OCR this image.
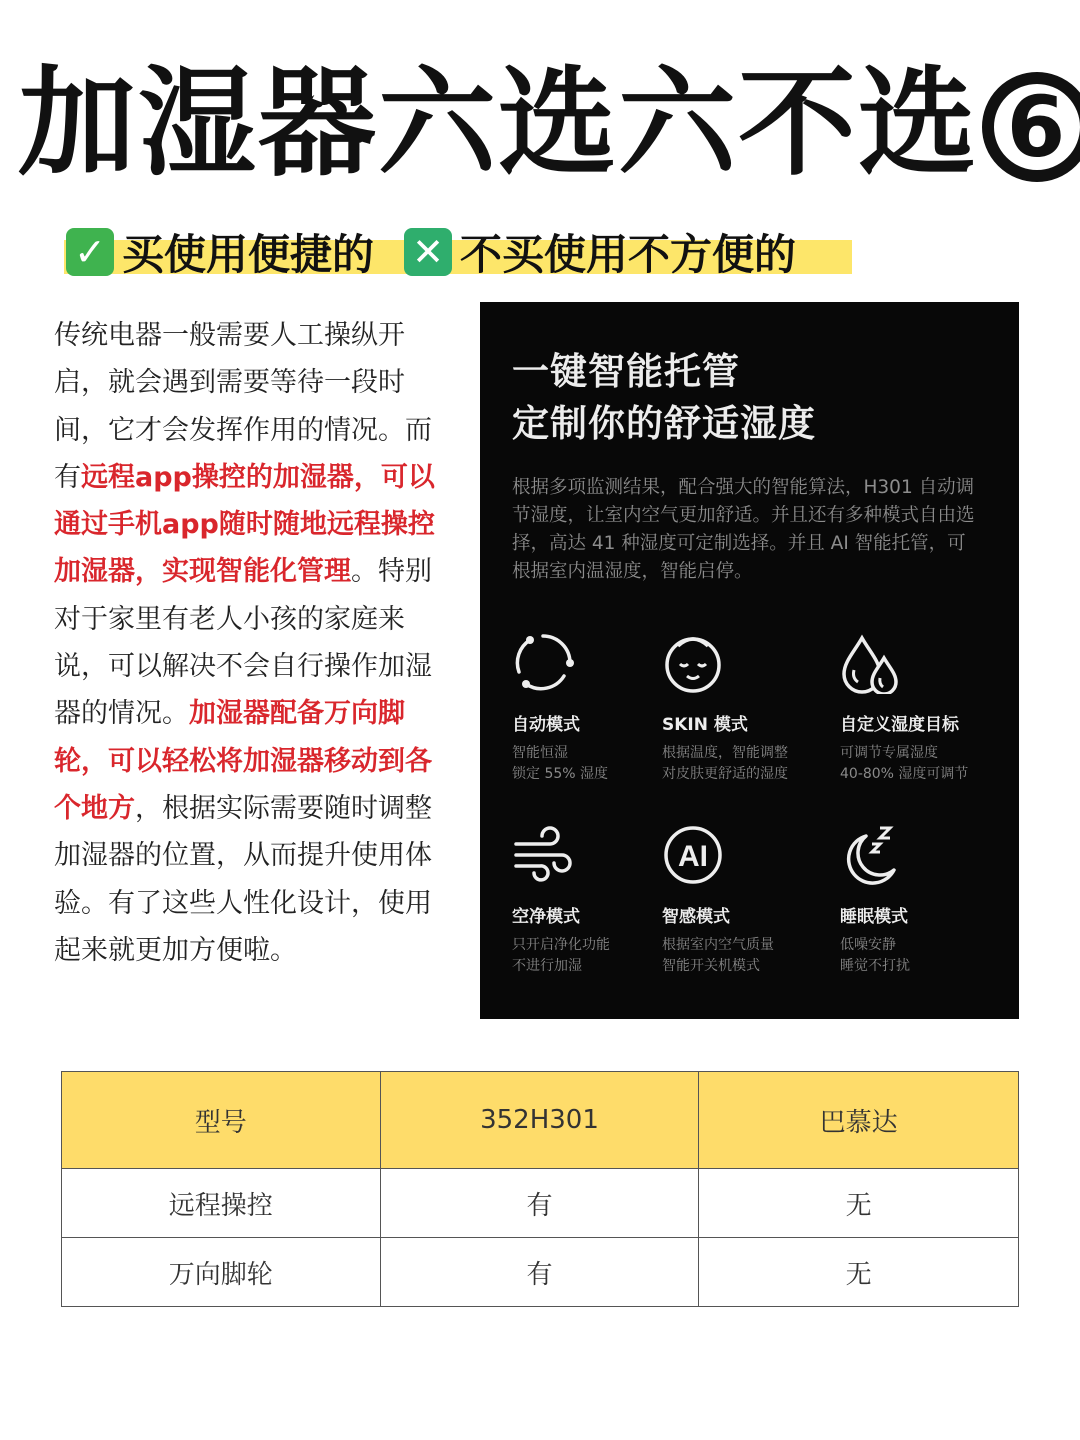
加湿器六选六不选 6
✓ 买使用便捷的 ✕ 不买使用不方便的
传统电器一般需要人工操纵开启，就会遇到需要等待一段时间，它才会发挥作用的情况。而有远程app操控的加湿器，可以通过手机app随时随地远程操控加湿器，实现智能化管理。特别对于家里有老人小孩的家庭来说，可以解决不会自行操作加湿器的情况。加湿器配备万向脚轮，可以轻松将加湿器移动到各个地方，根据实际需要随时调整加湿器的位置，从而提升使用体验。有了这些人性化设计，使用起来就更加方便啦。
一键智能托管
定制你的舒适湿度
根据多项监测结果，配合强大的智能算法，H301 自动调节湿度，让室内空气更加舒适。并且还有多种模式自由选择，高达 41 种湿度可定制选择。并且 AI 智能托管，可根据室内温湿度，智能启停。
自动模式
智能恒湿
锁定 55% 湿度
SKIN 模式
根据温度，智能调整
对皮肤更舒适的湿度
自定义湿度目标
可调节专属湿度
40-80% 湿度可调节
空净模式
只开启净化功能
不进行加湿
AI
智感模式
根据室内空气质量
智能开关机模式
睡眠模式
低噪安静
睡觉不打扰
型号	352H301	巴慕达
远程操控	有	无
万向脚轮	有	无
